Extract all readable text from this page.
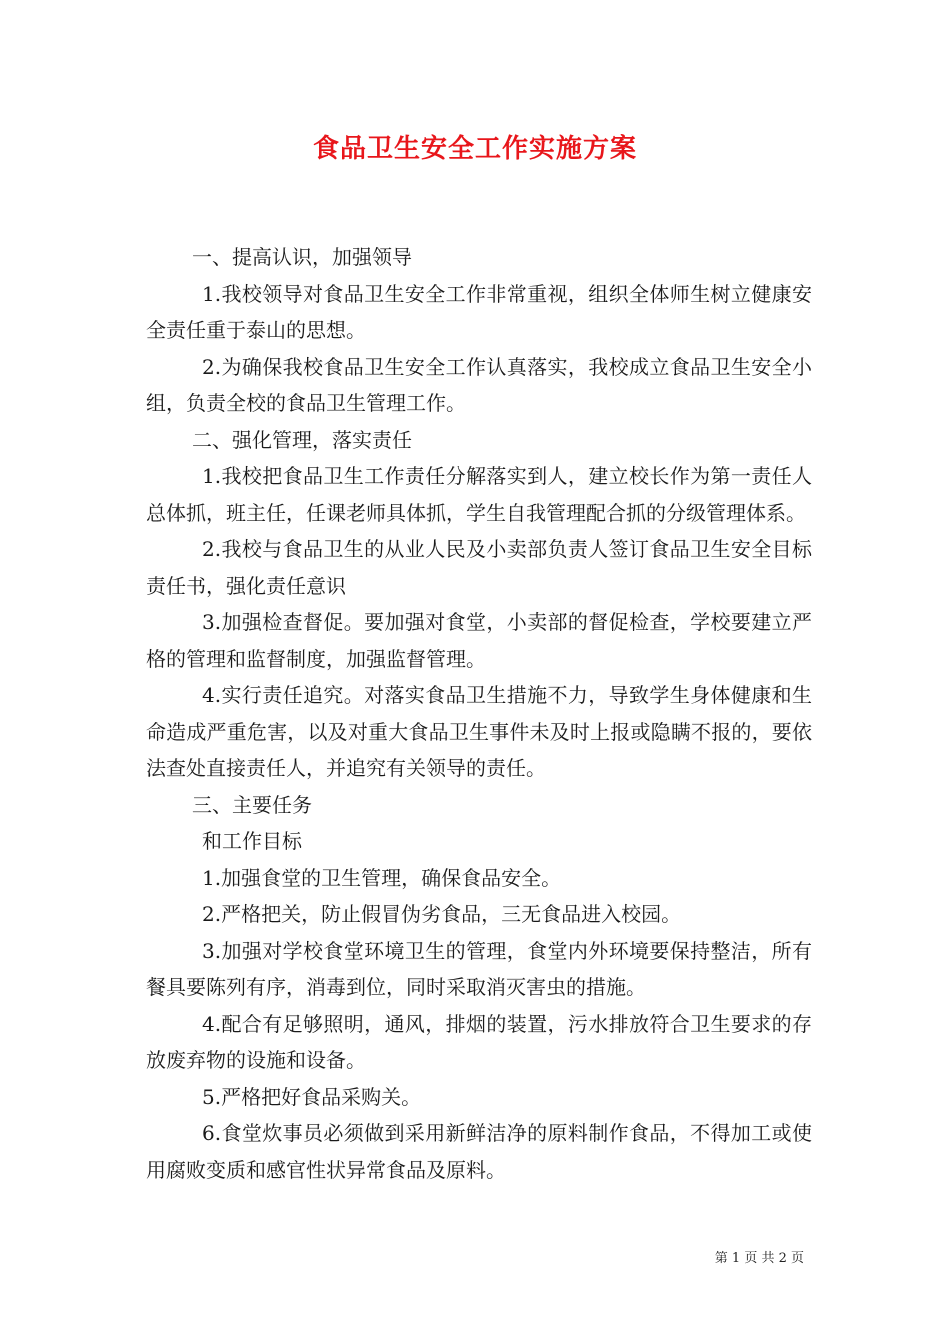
食品卫生安全工作实施方案

一、提高认识，加强领导

1.我校领导对食品卫生安全工作非常重视，组织全体师生树立健康安全责任重于泰山的思想。

2.为确保我校食品卫生安全工作认真落实，我校成立食品卫生安全小组，负责全校的食品卫生管理工作。

二、强化管理，落实责任

1.我校把食品卫生工作责任分解落实到人，建立校长作为第一责任人总体抓，班主任，任课老师具体抓，学生自我管理配合抓的分级管理体系。

2.我校与食品卫生的从业人民及小卖部负责人签订食品卫生安全目标责任书，强化责任意识

3.加强检查督促。要加强对食堂，小卖部的督促检查，学校要建立严格的管理和监督制度，加强监督管理。

4.实行责任追究。对落实食品卫生措施不力，导致学生身体健康和生命造成严重危害，以及对重大食品卫生事件未及时上报或隐瞒不报的，要依法查处直接责任人，并追究有关领导的责任。

三、主要任务

和工作目标

1.加强食堂的卫生管理，确保食品安全。

2.严格把关，防止假冒伪劣食品，三无食品进入校园。

3.加强对学校食堂环境卫生的管理，食堂内外环境要保持整洁，所有餐具要陈列有序，消毒到位，同时采取消灭害虫的措施。

4.配合有足够照明，通风，排烟的装置，污水排放符合卫生要求的存放废弃物的设施和设备。

5.严格把好食品采购关。

6.食堂炊事员必须做到采用新鲜洁净的原料制作食品，不得加工或使用腐败变质和感官性状异常食品及原料。

第 1 页 共 2 页
